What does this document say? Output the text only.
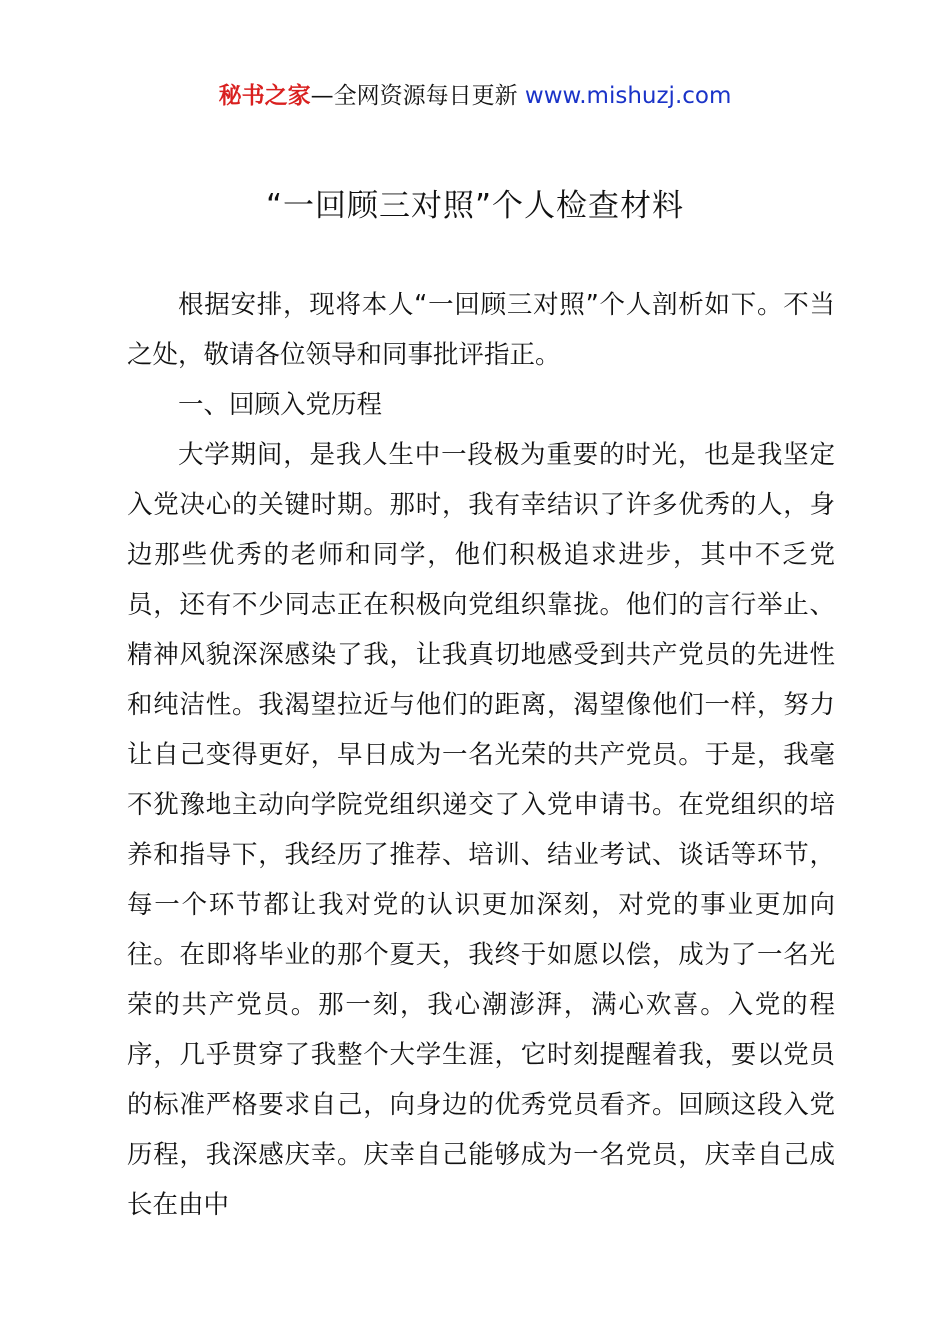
秘书之家—全网资源每日更新 www.mishuzj.com
“一回顾三对照”个人检查材料

根据安排，现将本人“一回顾三对照”个人剖析如下。不当之处，敬请各位领导和同事批评指正。

一、回顾入党历程

大学期间，是我人生中一段极为重要的时光，也是我坚定入党决心的关键时期。那时，我有幸结识了许多优秀的人，身边那些优秀的老师和同学，他们积极追求进步，其中不乏党员，还有不少同志正在积极向党组织靠拢。他们的言行举止、精神风貌深深感染了我，让我真切地感受到共产党员的先进性和纯洁性。我渴望拉近与他们的距离，渴望像他们一样，努力让自己变得更好，早日成为一名光荣的共产党员。于是，我毫不犹豫地主动向学院党组织递交了入党申请书。在党组织的培养和指导下，我经历了推荐、培训、结业考试、谈话等环节，每一个环节都让我对党的认识更加深刻，对党的事业更加向往。在即将毕业的那个夏天，我终于如愿以偿，成为了一名光荣的共产党员。那一刻，我心潮澎湃，满心欢喜。入党的程序，几乎贯穿了我整个大学生涯，它时刻提醒着我，要以党员的标准严格要求自己，向身边的优秀党员看齐。回顾这段入党历程，我深感庆幸。庆幸自己能够成为一名党员，庆幸自己成长在由中
